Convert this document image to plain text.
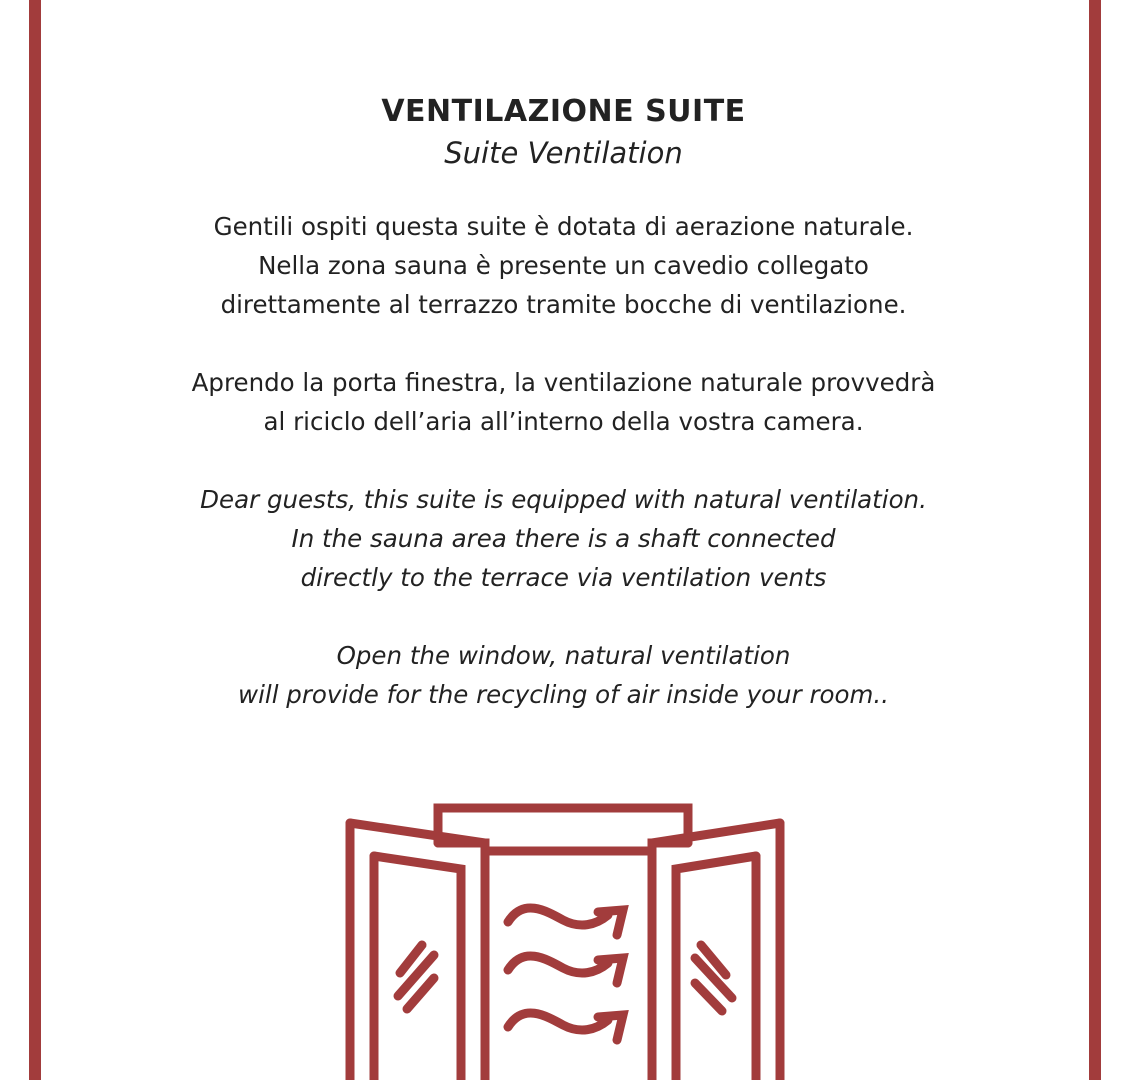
VENTILAZIONE SUITE

Suite Ventilation

Gentili ospiti questa suite è dotata di aerazione naturale.
Nella zona sauna è presente un cavedio collegato
direttamente al terrazzo tramite bocche di ventilazione.

Aprendo la porta finestra, la ventilazione naturale provvedrà
al riciclo dell’aria all’interno della vostra camera.

Dear guests, this suite is equipped with natural ventilation.
In the sauna area there is a shaft connected
directly to the terrace via ventilation vents

Open the window, natural ventilation
will provide for the recycling of air inside your room..
